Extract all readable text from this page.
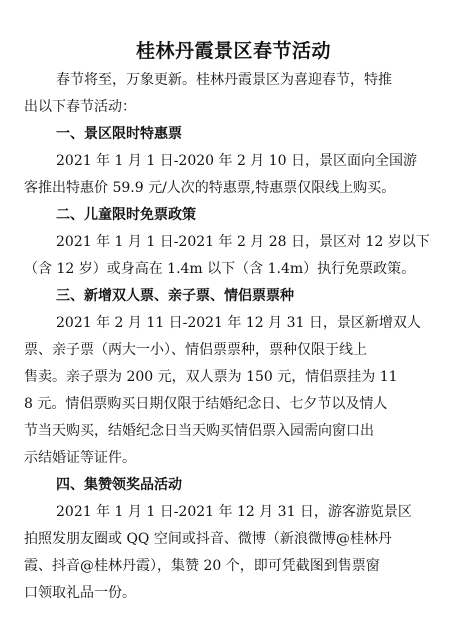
桂林丹霞景区春节活动
春节将至，万象更新。桂林丹霞景区为喜迎春节，特推
出以下春节活动：
一、景区限时特惠票
2021 年 1 月 1 日-2020 年 2 月 10 日，景区面向全国游
客推出特惠价 59.9 元/人次的特惠票,特惠票仅限线上购买。
二、儿童限时免票政策
2021 年 1 月 1 日-2021 年 2 月 28 日，景区对 12 岁以下
（含 12 岁）或身高在 1.4m 以下（含 1.4m）执行免票政策。
三、新增双人票、亲子票、情侣票票种
2021 年 2 月 11 日-2021 年 12 月 31 日，景区新增双人
票、亲子票（两大一小）、情侣票票种，票种仅限于线上
售卖。亲子票为 200 元，双人票为 150 元，情侣票挂为 11
8 元。情侣票购买日期仅限于结婚纪念日、七夕节以及情人
节当天购买，结婚纪念日当天购买情侣票入园需向窗口出
示结婚证等证件。
四、集赞领奖品活动
2021 年 1 月 1 日-2021 年 12 月 31 日，游客游览景区
拍照发朋友圈或 QQ 空间或抖音、微博（新浪微博@桂林丹
霞、抖音@桂林丹霞），集赞 20 个，即可凭截图到售票窗
口领取礼品一份。
